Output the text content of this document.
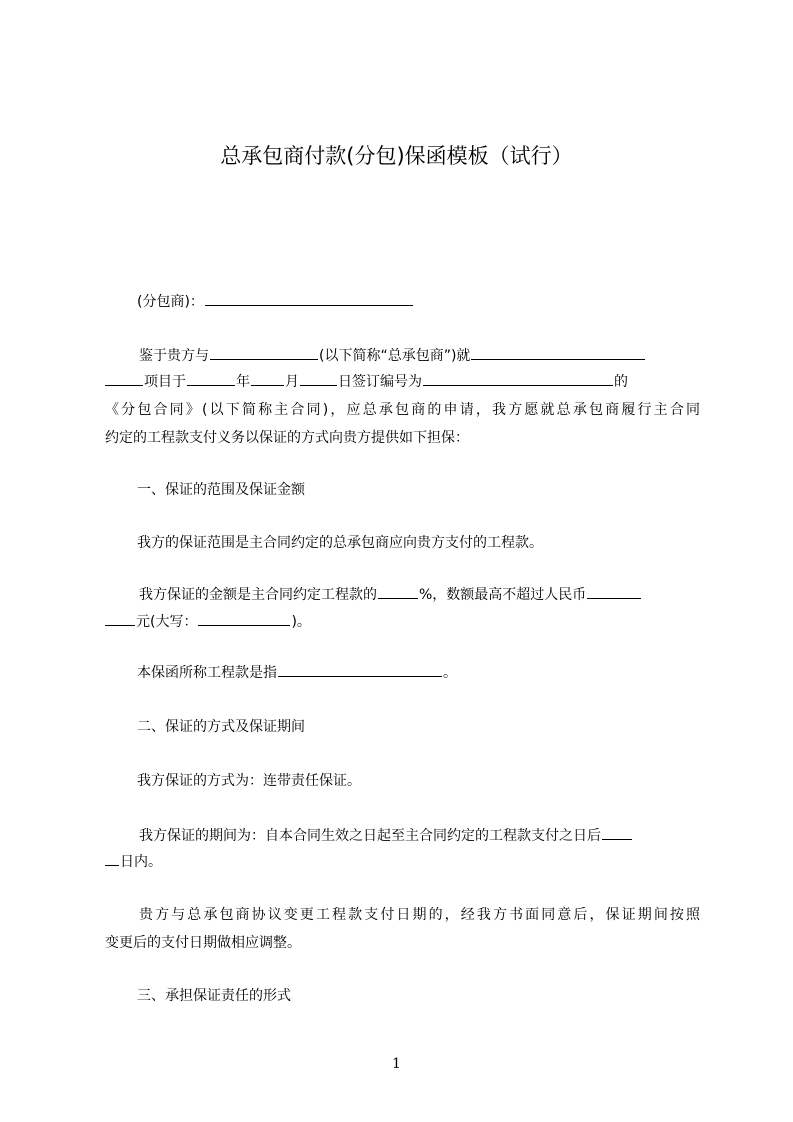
总承包商付款(分包)保函模板（试行）
(分包商)：
鉴于贵方与	(以下简称“总承包商”)就
项目于	年	月	日签订编号为	的
《分包合同》(以下简称主合同)，应总承包商的申请，我方愿就总承包商履行主合同
约定的工程款支付义务以保证的方式向贵方提供如下担保：
一、保证的范围及保证金额
我方的保证范围是主合同约定的总承包商应向贵方支付的工程款。
我方保证的金额是主合同约定工程款的	%，数额最高不超过人民币
元(大写：	)。
本保函所称工程款是指	。
二、保证的方式及保证期间
我方保证的方式为：连带责任保证。
我方保证的期间为：自本合同生效之日起至主合同约定的工程款支付之日后
日内。
贵方与总承包商协议变更工程款支付日期的，经我方书面同意后，保证期间按照
变更后的支付日期做相应调整。
三、承担保证责任的形式
1
